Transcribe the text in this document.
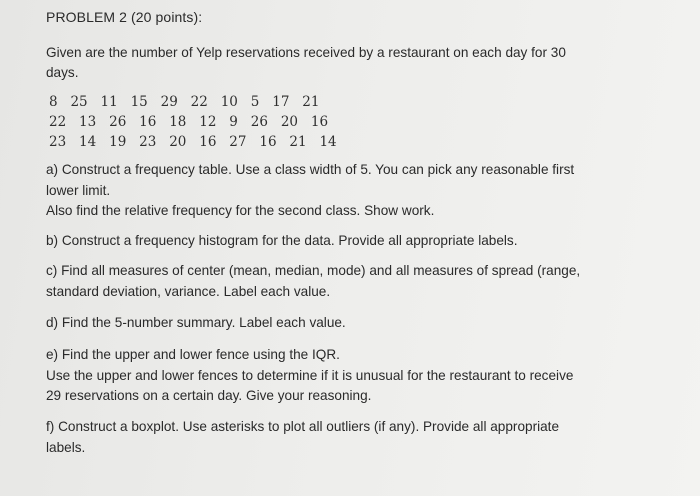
PROBLEM 2 (20 points):
Given are the number of Yelp reservations received by a restaurant on each day for 30
days.
8   25   11   15   29   22   10   5   17   21
22   13   26   16   18   12   9   26   20   16
23   14   19   23   20   16   27   16   21   14
a) Construct a frequency table. Use a class width of 5. You can pick any reasonable first
lower limit.
Also find the relative frequency for the second class. Show work.
b) Construct a frequency histogram for the data. Provide all appropriate labels.
c) Find all measures of center (mean, median, mode) and all measures of spread (range,
standard deviation, variance. Label each value.
d) Find the 5-number summary. Label each value.
e) Find the upper and lower fence using the IQR.
Use the upper and lower fences to determine if it is unusual for the restaurant to receive
29 reservations on a certain day. Give your reasoning.
f) Construct a boxplot. Use asterisks to plot all outliers (if any). Provide all appropriate
labels.
